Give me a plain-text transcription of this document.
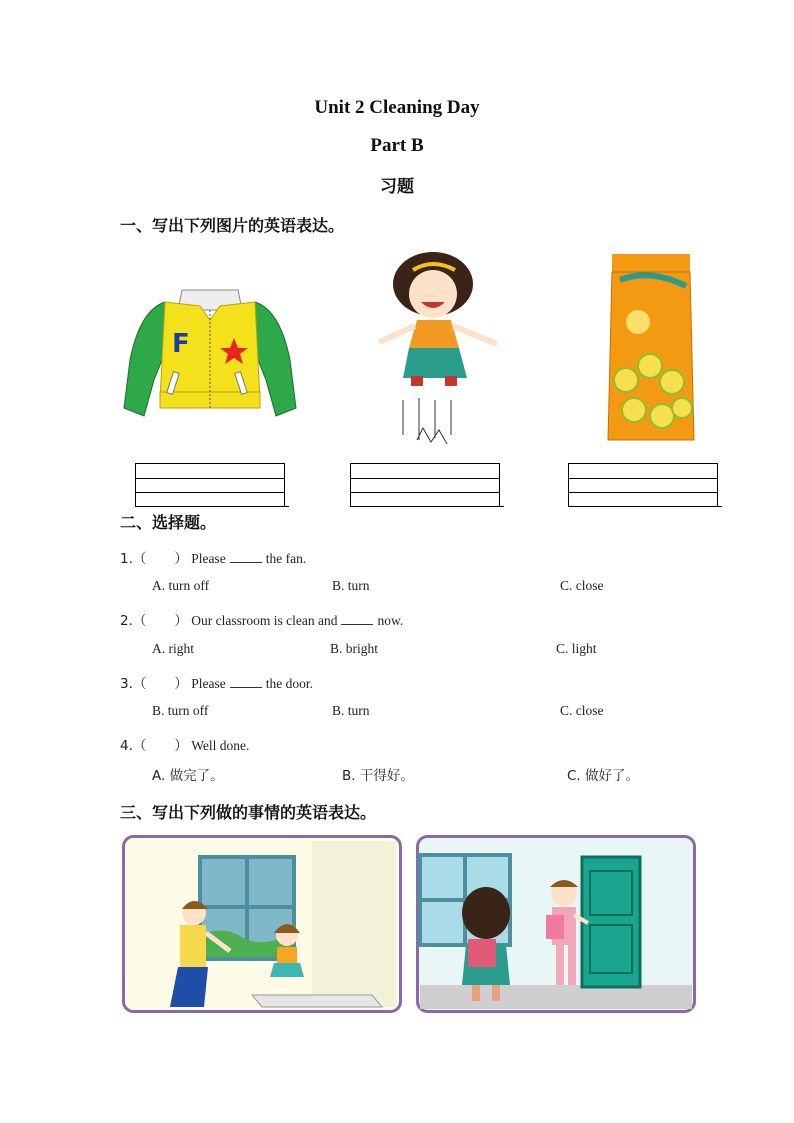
Unit 2 Cleaning Day
Part B
习题
一、写出下列图片的英语表达。
F
二、选择题。
1.（ ） Please	the fan.
A. turn off	B. turn	C. close
2.（ ） Our classroom is clean and	now.
A. right	B. bright	C. light
3.（ ） Please	the door.
B. turn off	B. turn	C. close
4.（ ） Well done.
A. 做完了。	B. 干得好。	C. 做好了。
三、写出下列做的事情的英语表达。
